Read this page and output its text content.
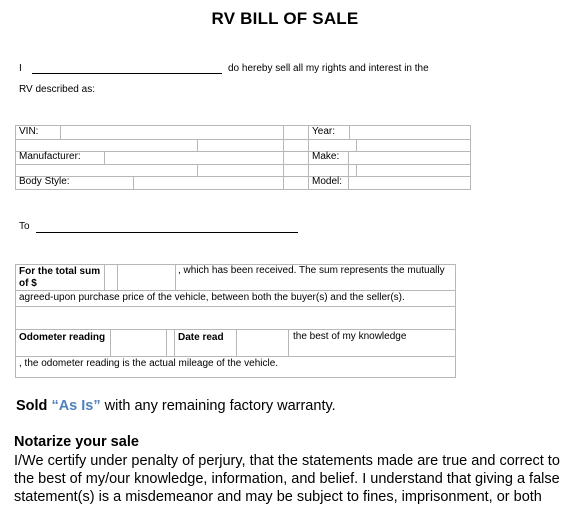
RV BILL OF SALE
I	do hereby sell all my rights and interest in the
RV described as:
VIN:	Year:
Manufacturer:	Make:
Body Style:	Model:
To
For the total sum of $
, which has been received. The sum represents the mutually
agreed-upon purchase price of the vehicle, between both the buyer(s) and the seller(s).
Odometer reading	Date read	the best of my knowledge
, the odometer reading is the actual mileage of the vehicle.
Sold “As Is” with any remaining factory warranty.
Notarize your sale
I/We certify under penalty of perjury, that the statements made are true and correct to the best of my/our knowledge, information, and belief. I understand that giving a false statement(s) is a misdemeanor and may be subject to fines, imprisonment, or both
